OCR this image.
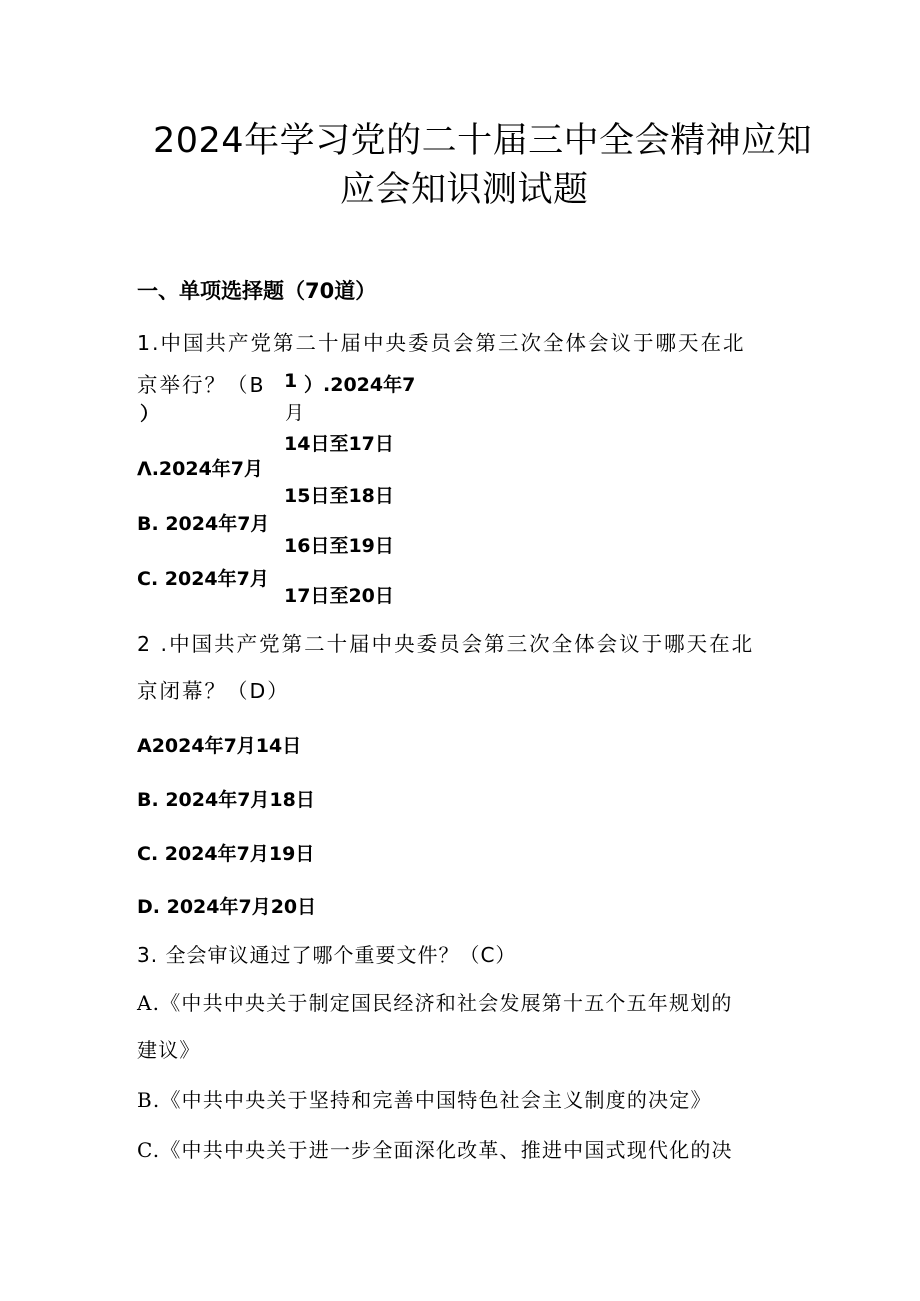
2024年学习党的二十届三中全会精神应知
应会知识测试题
一、单项选择题（70道）
1.中国共产党第二十届中央委员会第三次全体会议于哪天在北
京举行？（B
）
1 ）.2024年7
月
14日至17日
Λ.2024年7月
15日至18日
B. 2024年7月
16日至19日
C. 2024年7月
17日至20日
2 .中国共产党第二十届中央委员会第三次全体会议于哪天在北
京闭幕？（D）
A2024年7月14日
B. 2024年7月18日
C. 2024年7月19日
D. 2024年7月20日
3. 全会审议通过了哪个重要文件？（C）
A.《中共中央关于制定国民经济和社会发展第十五个五年规划的
建议》
B.《中共中央关于坚持和完善中国特色社会主义制度的决定》
C.《中共中央关于进一步全面深化改革、推进中国式现代化的决
